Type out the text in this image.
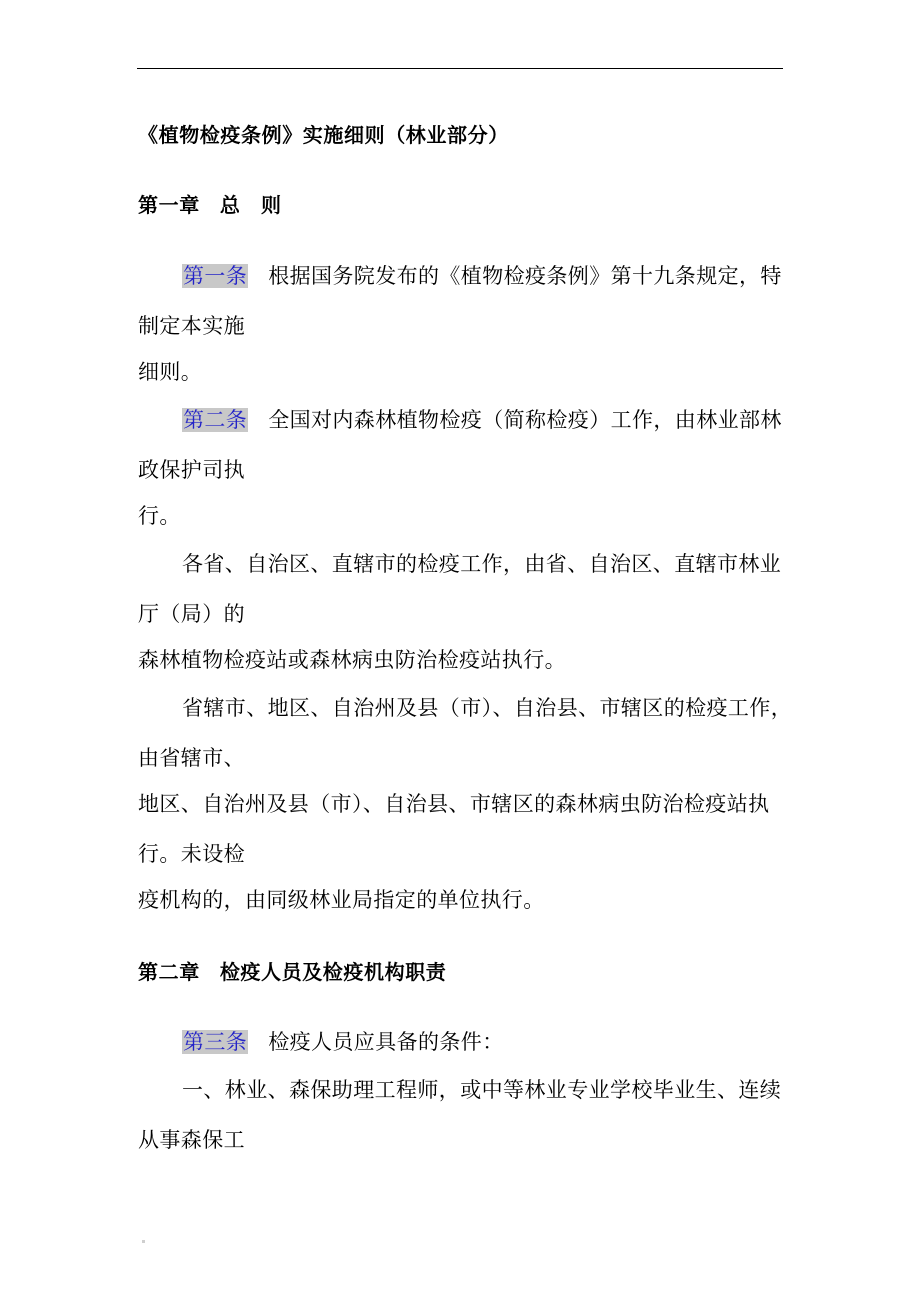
《植物检疫条例》实施细则（林业部分）
第一章 总　则
第一条 根据国务院发布的《植物检疫条例》第十九条规定，特
制定本实施
细则。
第二条 全国对内森林植物检疫（简称检疫）工作，由林业部林
政保护司执
行。
各省、自治区、直辖市的检疫工作，由省、自治区、直辖市林业
厅（局）的
森林植物检疫站或森林病虫防治检疫站执行。
省辖市、地区、自治州及县（市）、自治县、市辖区的检疫工作，
由省辖市、
地区、自治州及县（市）、自治县、市辖区的森林病虫防治检疫站执
行。未设检
疫机构的，由同级林业局指定的单位执行。
第二章 检疫人员及检疫机构职责
第三条 检疫人员应具备的条件：
一、林业、森保助理工程师，或中等林业专业学校毕业生、连续
从事森保工
